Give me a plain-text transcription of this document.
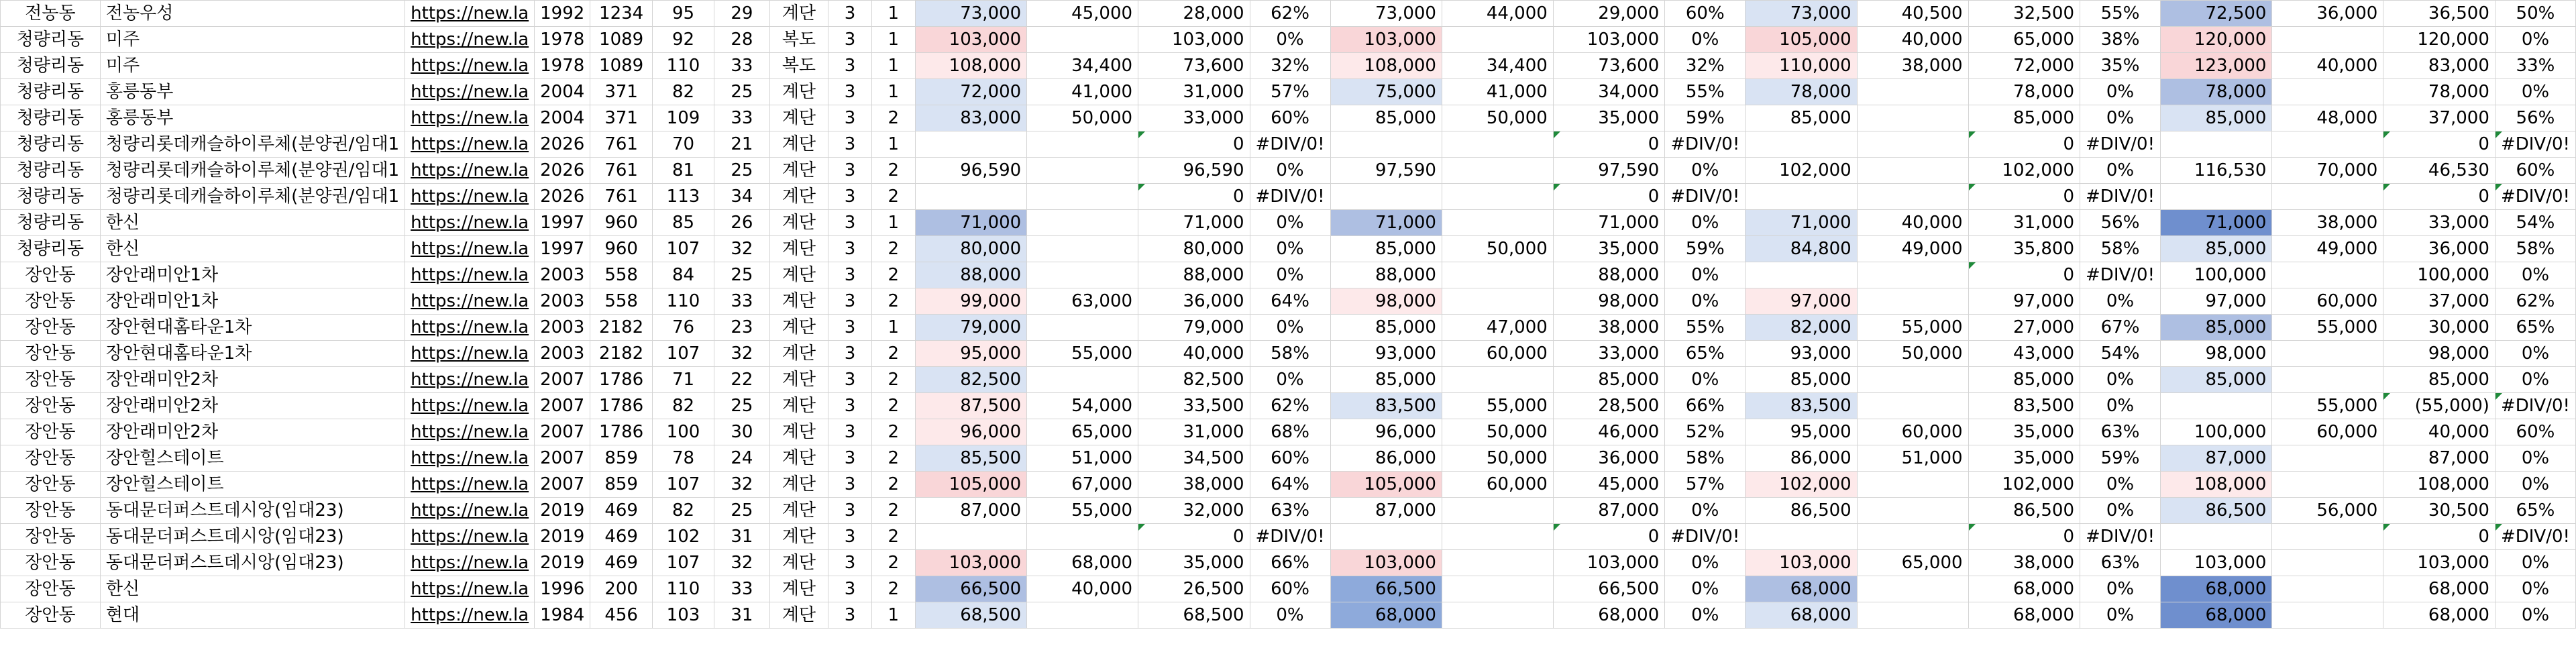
전농동	전농우성	https://new.la	1992	1234	95	29	계단	3	1	73,000	45,000	28,000	62%	73,000	44,000	29,000	60%	73,000	40,500	32,500	55%	72,500	36,000	36,500	50%
청량리동	미주	https://new.la	1978	1089	92	28	복도	3	1	103,000		103,000	0%	103,000		103,000	0%	105,000	40,000	65,000	38%	120,000		120,000	0%
청량리동	미주	https://new.la	1978	1089	110	33	복도	3	1	108,000	34,400	73,600	32%	108,000	34,400	73,600	32%	110,000	38,000	72,000	35%	123,000	40,000	83,000	33%
청량리동	홍릉동부	https://new.la	2004	371	82	25	계단	3	1	72,000	41,000	31,000	57%	75,000	41,000	34,000	55%	78,000		78,000	0%	78,000		78,000	0%
청량리동	홍릉동부	https://new.la	2004	371	109	33	계단	3	2	83,000	50,000	33,000	60%	85,000	50,000	35,000	59%	85,000		85,000	0%	85,000	48,000	37,000	56%
청량리동	청량리롯데캐슬하이루체(분양권/임대1	https://new.la	2026	761	70	21	계단	3	1			0	#DIV/0!			0	#DIV/0!			0	#DIV/0!			0	#DIV/0!
청량리동	청량리롯데캐슬하이루체(분양권/임대1	https://new.la	2026	761	81	25	계단	3	2	96,590		96,590	0%	97,590		97,590	0%	102,000		102,000	0%	116,530	70,000	46,530	60%
청량리동	청량리롯데캐슬하이루체(분양권/임대1	https://new.la	2026	761	113	34	계단	3	2			0	#DIV/0!			0	#DIV/0!			0	#DIV/0!			0	#DIV/0!
청량리동	한신	https://new.la	1997	960	85	26	계단	3	1	71,000		71,000	0%	71,000		71,000	0%	71,000	40,000	31,000	56%	71,000	38,000	33,000	54%
청량리동	한신	https://new.la	1997	960	107	32	계단	3	2	80,000		80,000	0%	85,000	50,000	35,000	59%	84,800	49,000	35,800	58%	85,000	49,000	36,000	58%
장안동	장안래미안1차	https://new.la	2003	558	84	25	계단	3	2	88,000		88,000	0%	88,000		88,000	0%			0	#DIV/0!	100,000		100,000	0%
장안동	장안래미안1차	https://new.la	2003	558	110	33	계단	3	2	99,000	63,000	36,000	64%	98,000		98,000	0%	97,000		97,000	0%	97,000	60,000	37,000	62%
장안동	장안현대홈타운1차	https://new.la	2003	2182	76	23	계단	3	1	79,000		79,000	0%	85,000	47,000	38,000	55%	82,000	55,000	27,000	67%	85,000	55,000	30,000	65%
장안동	장안현대홈타운1차	https://new.la	2003	2182	107	32	계단	3	2	95,000	55,000	40,000	58%	93,000	60,000	33,000	65%	93,000	50,000	43,000	54%	98,000		98,000	0%
장안동	장안래미안2차	https://new.la	2007	1786	71	22	계단	3	2	82,500		82,500	0%	85,000		85,000	0%	85,000		85,000	0%	85,000		85,000	0%
장안동	장안래미안2차	https://new.la	2007	1786	82	25	계단	3	2	87,500	54,000	33,500	62%	83,500	55,000	28,500	66%	83,500		83,500	0%		55,000	(55,000)	#DIV/0!
장안동	장안래미안2차	https://new.la	2007	1786	100	30	계단	3	2	96,000	65,000	31,000	68%	96,000	50,000	46,000	52%	95,000	60,000	35,000	63%	100,000	60,000	40,000	60%
장안동	장안힐스테이트	https://new.la	2007	859	78	24	계단	3	2	85,500	51,000	34,500	60%	86,000	50,000	36,000	58%	86,000	51,000	35,000	59%	87,000		87,000	0%
장안동	장안힐스테이트	https://new.la	2007	859	107	32	계단	3	2	105,000	67,000	38,000	64%	105,000	60,000	45,000	57%	102,000		102,000	0%	108,000		108,000	0%
장안동	동대문더퍼스트데시앙(임대23)	https://new.la	2019	469	82	25	계단	3	2	87,000	55,000	32,000	63%	87,000		87,000	0%	86,500		86,500	0%	86,500	56,000	30,500	65%
장안동	동대문더퍼스트데시앙(임대23)	https://new.la	2019	469	102	31	계단	3	2			0	#DIV/0!			0	#DIV/0!			0	#DIV/0!			0	#DIV/0!
장안동	동대문더퍼스트데시앙(임대23)	https://new.la	2019	469	107	32	계단	3	2	103,000	68,000	35,000	66%	103,000		103,000	0%	103,000	65,000	38,000	63%	103,000		103,000	0%
장안동	한신	https://new.la	1996	200	110	33	계단	3	2	66,500	40,000	26,500	60%	66,500		66,500	0%	68,000		68,000	0%	68,000		68,000	0%
장안동	현대	https://new.la	1984	456	103	31	계단	3	1	68,500		68,500	0%	68,000		68,000	0%	68,000		68,000	0%	68,000		68,000	0%
